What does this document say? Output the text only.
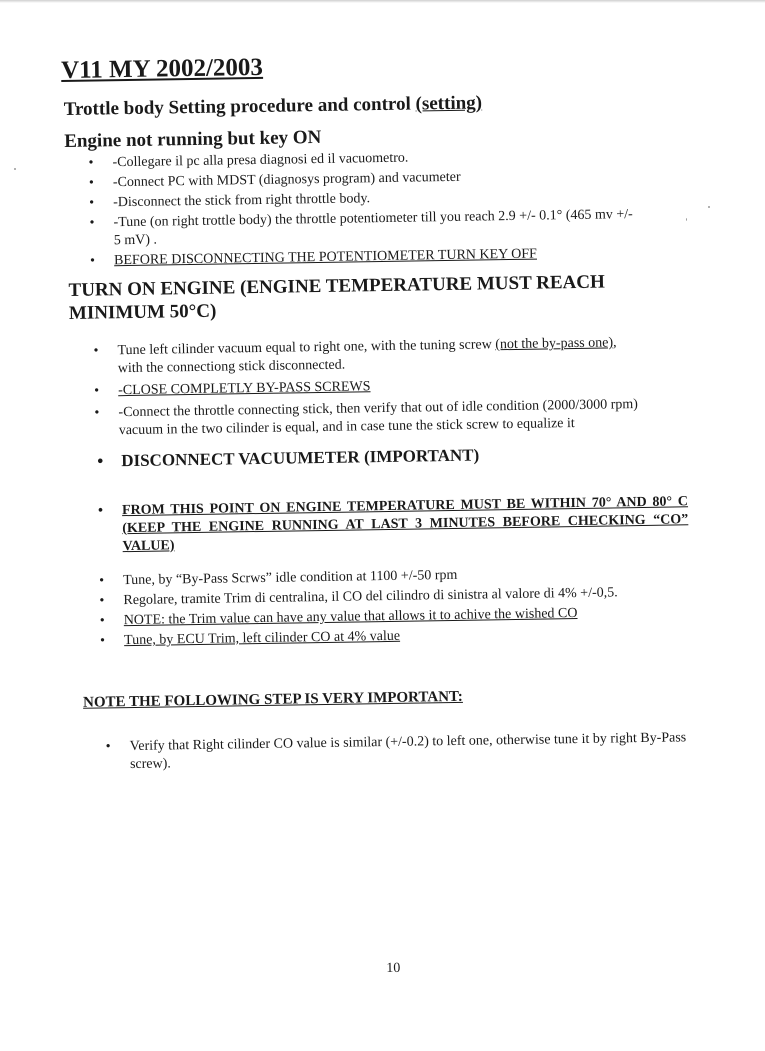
V11 MY 2002/2003
Trottle body Setting procedure and control (setting)
Engine not running but key ON
• -Collegare il pc alla presa diagnosi ed il vacuometro.
• -Connect PC with MDST (diagnosys program) and vacumeter
• -Disconnect the stick from right throttle body.
• -Tune (on right trottle body) the throttle potentiometer till you reach 2.9 +/- 0.1° (465 mv +/-
5 mV) .
• BEFORE DISCONNECTING THE POTENTIOMETER TURN KEY OFF
TURN ON ENGINE (ENGINE TEMPERATURE MUST REACH MINIMUM 50°C)
• Tune left cilinder vacuum equal to right one, with the tuning screw (not the by-pass one),
with the connectiong stick disconnected.
• -CLOSE COMPLETLY BY-PASS SCREWS
• -Connect the throttle connecting stick, then verify that out of idle condition (2000/3000 rpm)
vacuum in the two cilinder is equal, and in case tune the stick screw to equalize it
• DISCONNECT VACUUMETER (IMPORTANT)
• FROM THIS POINT ON ENGINE TEMPERATURE MUST BE WITHIN 70° AND 80° C (KEEP THE ENGINE RUNNING AT LAST 3 MINUTES BEFORE CHECKING “CO” VALUE)
• Tune, by “By-Pass Scrws” idle condition at 1100 +/-50 rpm
• Regolare, tramite Trim di centralina, il CO del cilindro di sinistra al valore di 4% +/-0,5.
• NOTE: the Trim value can have any value that allows it to achive the wished CO
• Tune, by ECU Trim, left cilinder CO at 4% value
NOTE THE FOLLOWING STEP IS VERY IMPORTANT:
• Verify that Right cilinder CO value is similar (+/-0.2) to left one, otherwise tune it by right By-Pass screw).
10
